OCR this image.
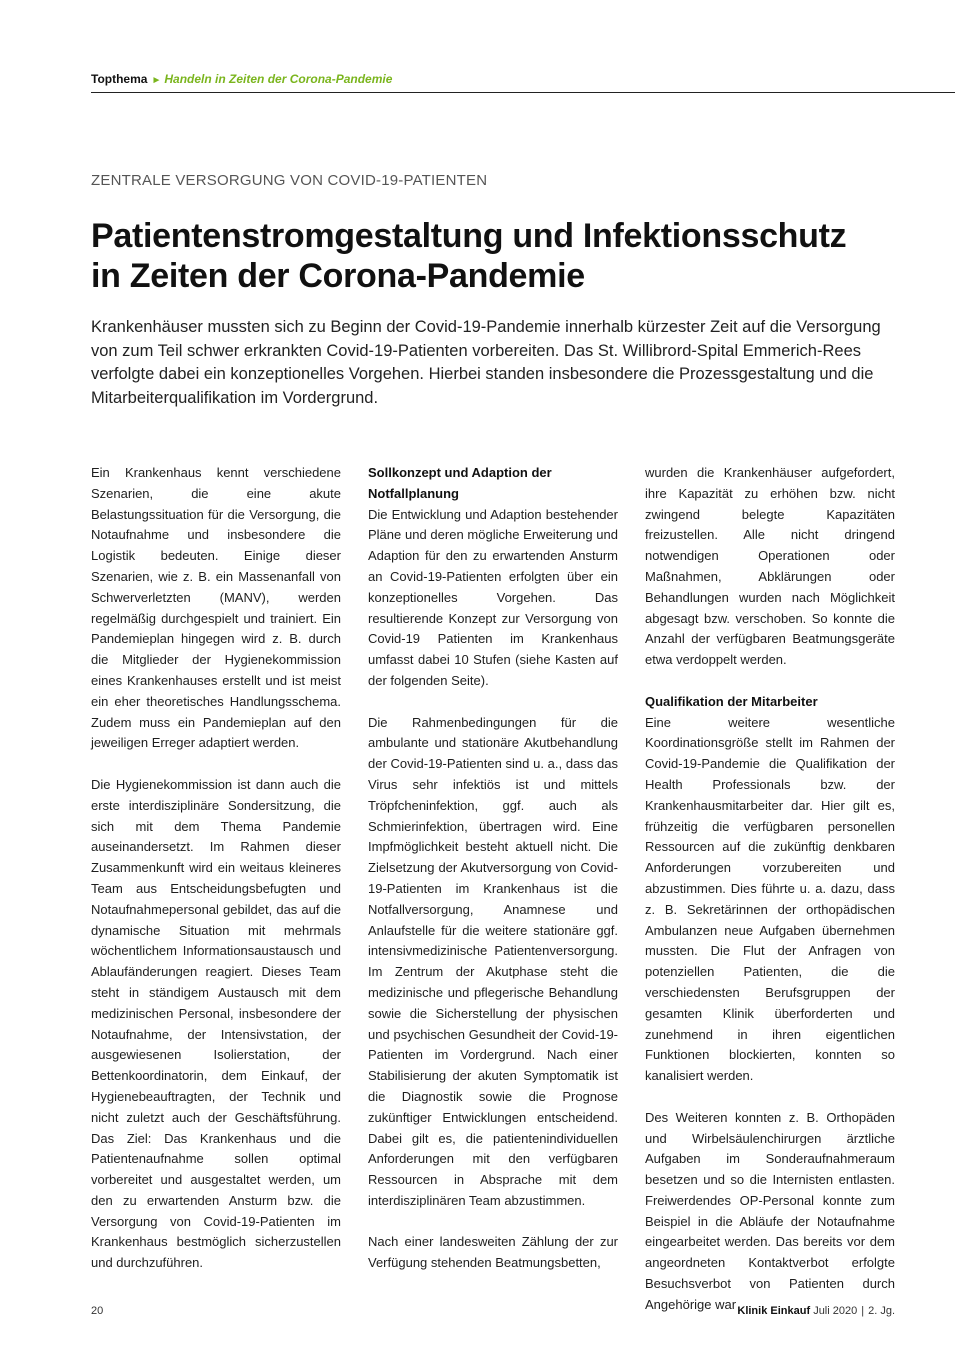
Topthema ► Handeln in Zeiten der Corona-Pandemie
ZENTRALE VERSORGUNG VON COVID-19-PATIENTEN
Patientenstromgestaltung und Infektionsschutz
in Zeiten der Corona-Pandemie

Krankenhäuser mussten sich zu Beginn der Covid-19-Pandemie innerhalb kürzester Zeit auf die Versorgung von zum Teil schwer erkrankten Covid-19-Patienten vorbereiten. Das St. Willibrord-Spital Emmerich-Rees verfolgte dabei ein konzeptionelles Vorgehen. Hierbei standen insbesondere die Prozessgestaltung und die Mitarbeiterqualifikation im Vordergrund.

Ein Krankenhaus kennt verschiedene Szenarien, die eine akute Belastungssituation für die Versorgung, die Notaufnahme und insbesondere die Logistik bedeuten. Einige dieser Szenarien, wie z. B. ein Massenanfall von Schwerverletzten (MANV), werden regelmäßig durchgespielt und trainiert. Ein Pandemieplan hingegen wird z. B. durch die Mitglieder der Hygienekommission eines Krankenhauses erstellt und ist meist ein eher theoretisches Handlungsschema. Zudem muss ein Pandemieplan auf den jeweiligen Erreger adaptiert werden.

Die Hygienekommission ist dann auch die erste interdisziplinäre Sondersitzung, die sich mit dem Thema Pandemie auseinandersetzt. Im Rahmen dieser Zusammenkunft wird ein weitaus kleineres Team aus Entscheidungsbefugten und Notaufnahmepersonal gebildet, das auf die dynamische Situation mit mehrmals wöchentlichem Informationsaustausch und Ablaufänderungen reagiert. Dieses Team steht in ständigem Austausch mit dem medizinischen Personal, insbesondere der Notaufnahme, der Intensivstation, der ausgewiesenen Isolierstation, der Bettenkoordinatorin, dem Einkauf, der Hygienebeauftragten, der Technik und nicht zuletzt auch der Geschäftsführung. Das Ziel: Das Krankenhaus und die Patientenaufnahme sollen optimal vorbereitet und ausgestaltet werden, um den zu erwartenden Ansturm bzw. die Versorgung von Covid-19-Patienten im Krankenhaus bestmöglich sicherzustellen und durchzuführen.

Sollkonzept und Adaption der Notfallplanung

Die Entwicklung und Adaption bestehender Pläne und deren mögliche Erweiterung und Adaption für den zu erwartenden Ansturm an Covid-19-Patienten erfolgten über ein konzeptionelles Vorgehen. Das resultierende Konzept zur Versorgung von Covid-19 Patienten im Krankenhaus umfasst dabei 10 Stufen (siehe Kasten auf der folgenden Seite).

Die Rahmenbedingungen für die ambulante und stationäre Akutbehandlung der Covid-19-Patienten sind u. a., dass das Virus sehr infektiös ist und mittels Tröpfcheninfektion, ggf. auch als Schmierinfektion, übertragen wird. Eine Impfmöglichkeit besteht aktuell nicht. Die Zielsetzung der Akutversorgung von Covid-19-Patienten im Krankenhaus ist die Notfallversorgung, Anamnese und Anlaufstelle für die weitere stationäre ggf. intensivmedizinische Patientenversorgung. Im Zentrum der Akutphase steht die medizinische und pflegerische Behandlung sowie die Sicherstellung der physischen und psychischen Gesundheit der Covid-19-Patienten im Vordergrund. Nach einer Stabilisierung der akuten Symptomatik ist die Diagnostik sowie die Prognose zukünftiger Entwicklungen entscheidend. Dabei gilt es, die patientenindividuellen Anforderungen mit den verfügbaren Ressourcen in Absprache mit dem interdisziplinären Team abzustimmen.

Nach einer landesweiten Zählung der zur Verfügung stehenden Beatmungsbetten,

wurden die Krankenhäuser aufgefordert, ihre Kapazität zu erhöhen bzw. nicht zwingend belegte Kapazitäten freizustellen. Alle nicht dringend notwendigen Operationen oder Maßnahmen, Abklärungen oder Behandlungen wurden nach Möglichkeit abgesagt bzw. verschoben. So konnte die Anzahl der verfügbaren Beatmungsgeräte etwa verdoppelt werden.

Qualifikation der Mitarbeiter

Eine weitere wesentliche Koordinationsgröße stellt im Rahmen der Covid-19-Pandemie die Qualifikation der Health Professionals bzw. der Krankenhausmitarbeiter dar. Hier gilt es, frühzeitig die verfügbaren personellen Ressourcen auf die zukünftig denkbaren Anforderungen vorzubereiten und abzustimmen. Dies führte u. a. dazu, dass z. B. Sekretärinnen der orthopädischen Ambulanzen neue Aufgaben übernehmen mussten. Die Flut der Anfragen von potenziellen Patienten, die die verschiedensten Berufsgruppen der gesamten Klinik überforderten und zunehmend in ihren eigentlichen Funktionen blockierten, konnten so kanalisiert werden.

Des Weiteren konnten z. B. Orthopäden und Wirbelsäulenchirurgen ärztliche Aufgaben im Sonderaufnahmeraum besetzen und so die Internisten entlasten. Freiwerdendes OP-Personal konnte zum Beispiel in die Abläufe der Notaufnahme eingearbeitet werden. Das bereits vor dem angeordneten Kontaktverbot erfolgte Besuchsverbot von Patienten durch Angehörige war

20	Klinik Einkauf Juli 2020 | 2. Jg.
